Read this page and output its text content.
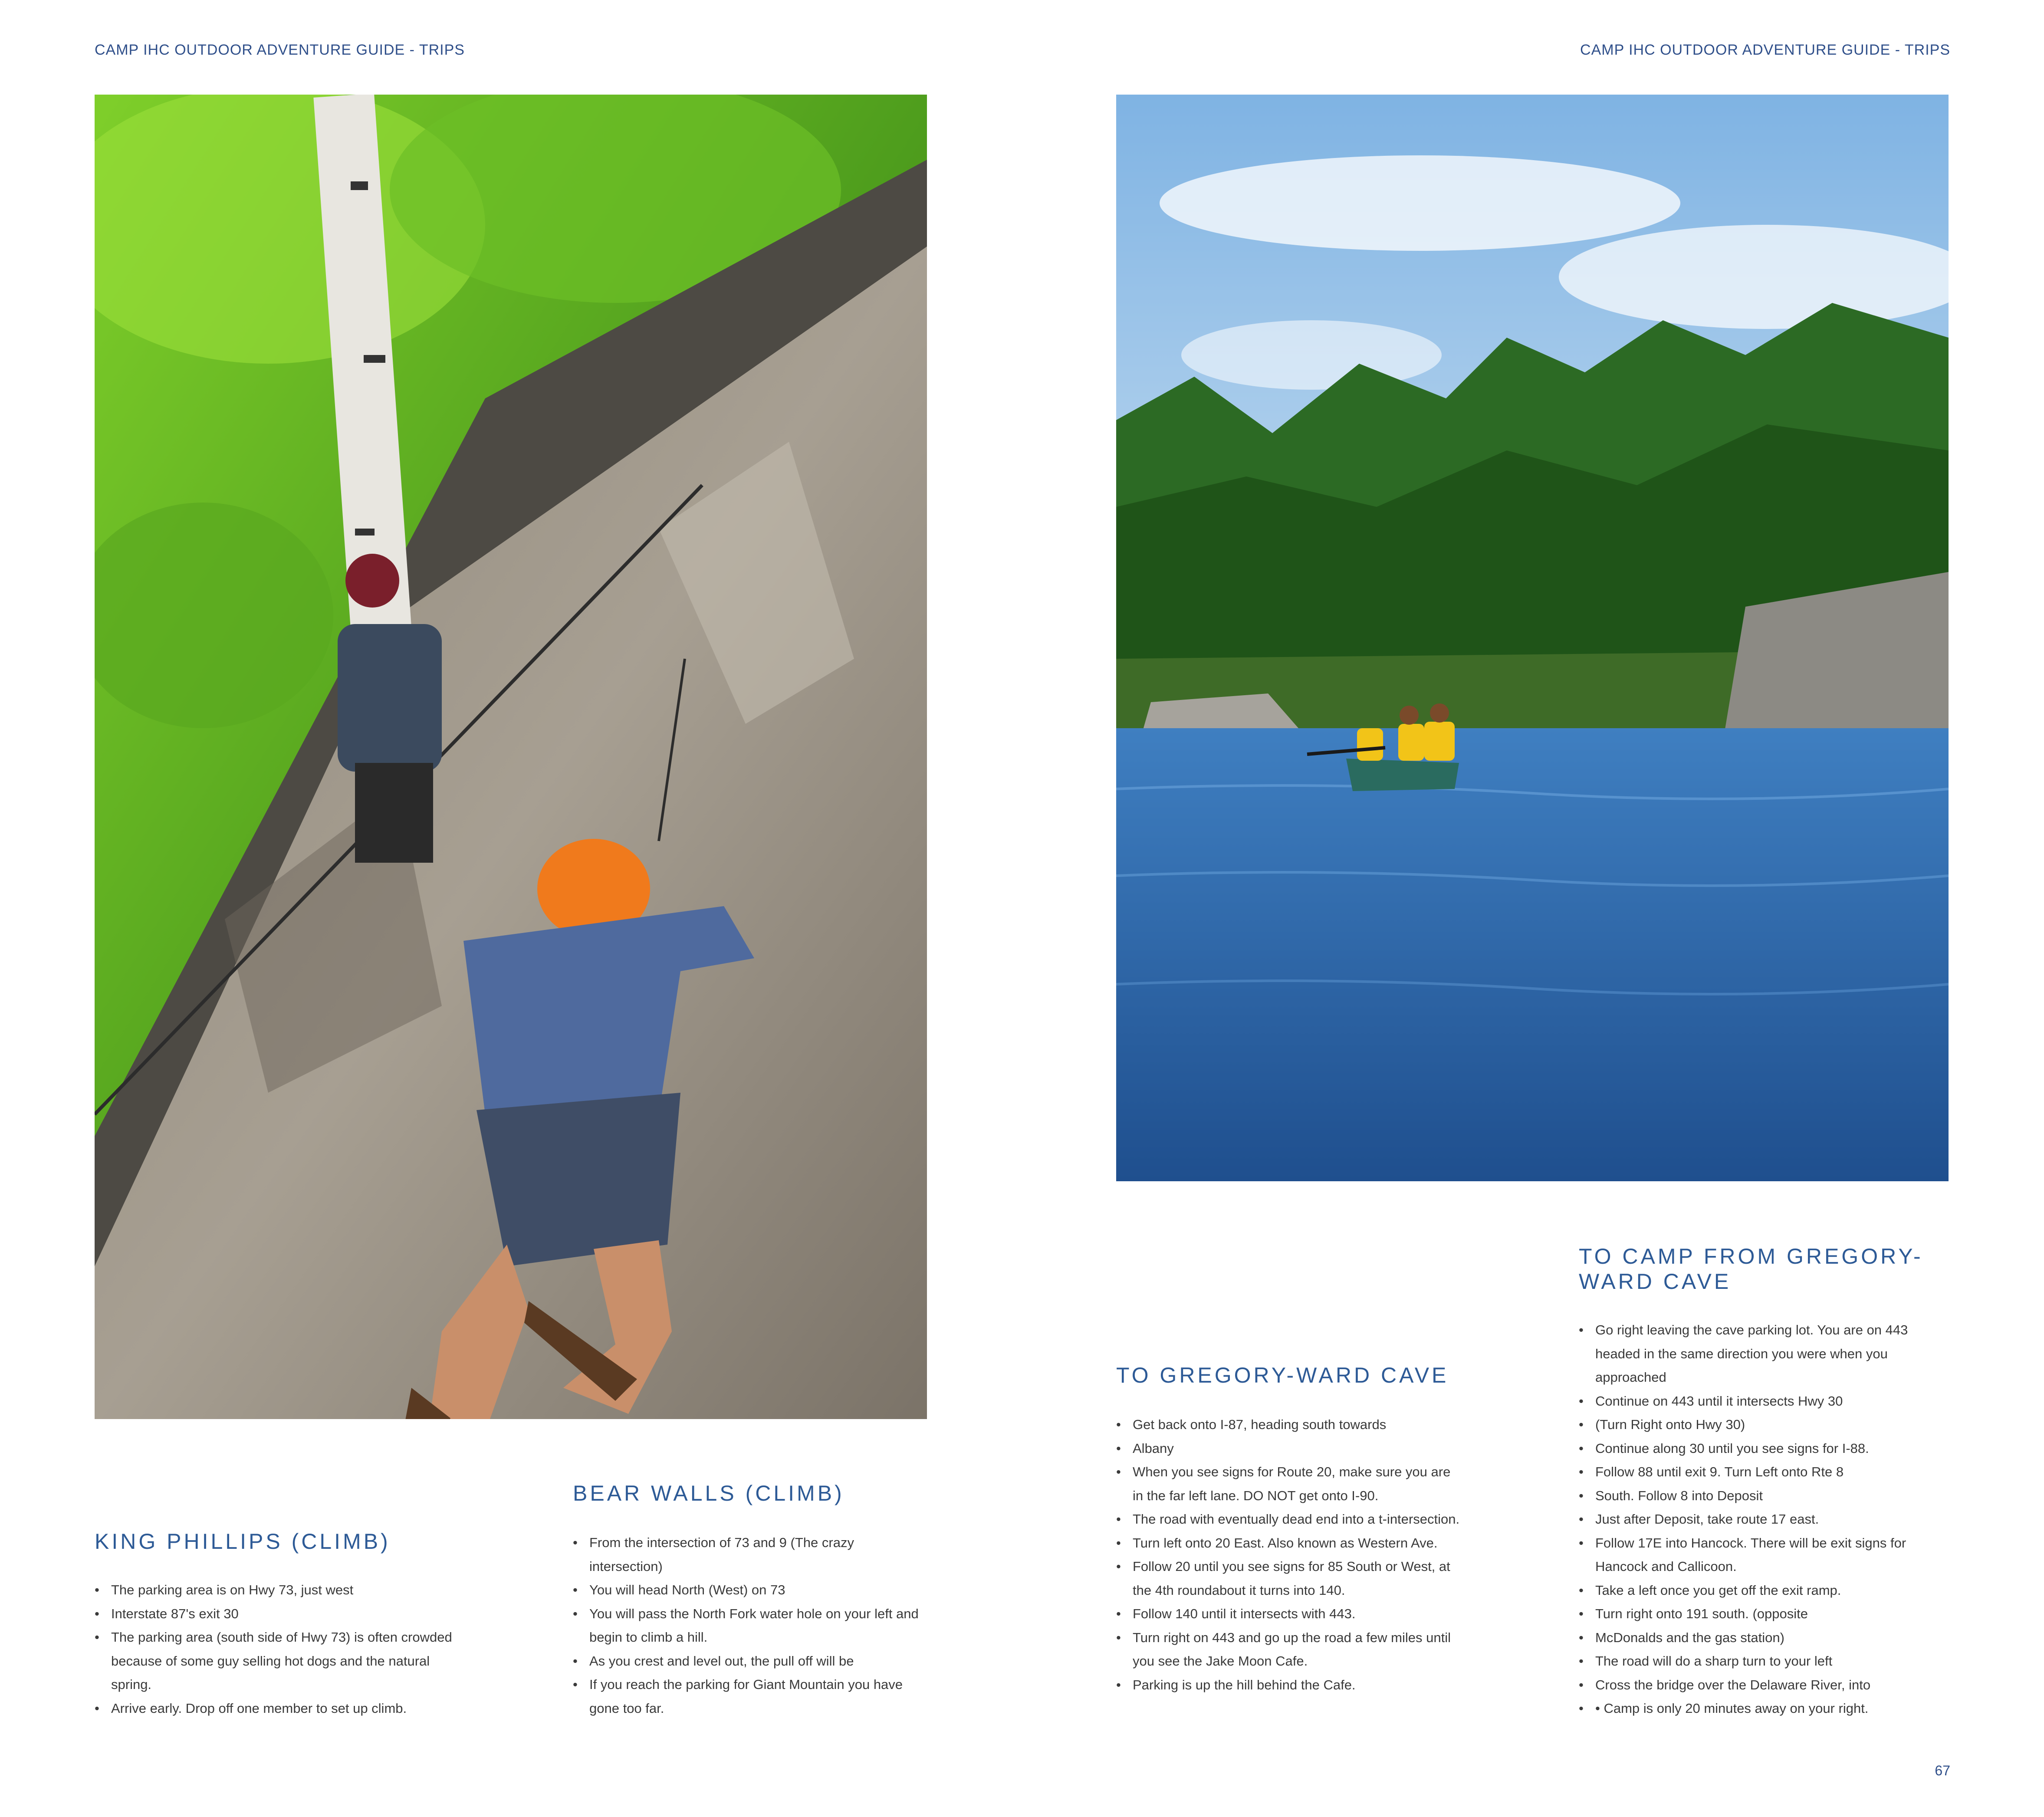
CAMP IHC OUTDOOR ADVENTURE GUIDE - TRIPS	CAMP IHC OUTDOOR ADVENTURE GUIDE - TRIPS
KING PHILLIPS (CLIMB)
• The parking area is on Hwy 73, just west
• Interstate 87's exit 30
• The parking area (south side of Hwy 73) is often crowded because of some guy selling hot dogs and the natural spring.
• Arrive early. Drop off one member to set up climb.
BEAR WALLS (CLIMB)
• From the intersection of 73 and 9 (The crazy intersection)
• You will head North (West) on 73
• You will pass the North Fork water hole on your left and begin to climb a hill.
• As you crest and level out, the pull off will be
• If you reach the parking for Giant Mountain you have gone too far.
TO GREGORY-WARD CAVE
• Get back onto I-87, heading south towards
• Albany
• When you see signs for Route 20, make sure you are in the far left lane. DO NOT get onto I-90.
• The road with eventually dead end into a t-intersection.
• Turn left onto 20 East. Also known as Western Ave.
• Follow 20 until you see signs for 85 South or West, at the 4th roundabout it turns into 140.
• Follow 140 until it intersects with 443.
• Turn right on 443 and go up the road a few miles until you see the Jake Moon Cafe.
• Parking is up the hill behind the Cafe.
TO CAMP FROM GREGORY-WARD CAVE
• Go right leaving the cave parking lot. You are on 443 headed in the same direction you were when you approached
• Continue on 443 until it intersects Hwy 30
• (Turn Right onto Hwy 30)
• Continue along 30 until you see signs for I-88.
• Follow 88 until exit 9. Turn Left onto Rte 8
• South. Follow 8 into Deposit
• Just after Deposit, take route 17 east.
• Follow 17E into Hancock. There will be exit signs for Hancock and Callicoon.
• Take a left once you get off the exit ramp.
• Turn right onto 191 south. (opposite
• McDonalds and the gas station)
• The road will do a sharp turn to your left
• Cross the bridge over the Delaware River, into
• • Camp is only 20 minutes away on your right.
67
